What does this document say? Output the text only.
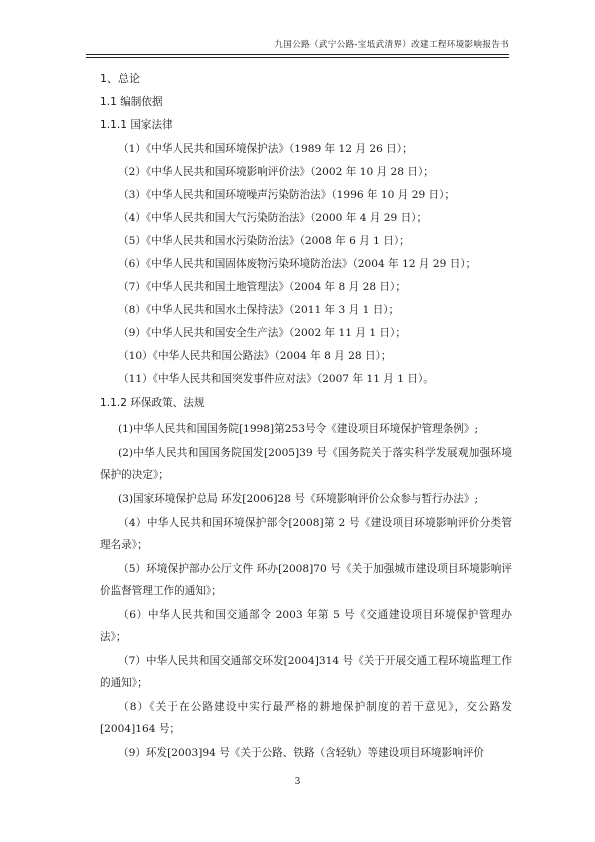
九国公路（武宁公路-宝坻武清界）改建工程环境影响报告书
1、总论
1.1 编制依据
1.1.1 国家法律
（1）《中华人民共和国环境保护法》（1989 年 12 月 26 日）；
（2）《中华人民共和国环境影响评价法》（2002 年 10 月 28 日）；
（3）《中华人民共和国环境噪声污染防治法》（1996 年 10 月 29 日）；
（4）《中华人民共和国大气污染防治法》（2000 年 4 月 29 日）；
（5）《中华人民共和国水污染防治法》（2008 年 6 月 1 日）；
（6）《中华人民共和国固体废物污染环境防治法》（2004 年 12 月 29 日）；
（7）《中华人民共和国土地管理法》（2004 年 8 月 28 日）；
（8）《中华人民共和国水土保持法》（2011 年 3 月 1 日）；
（9）《中华人民共和国安全生产法》（2002 年 11 月 1 日）；
（10）《中华人民共和国公路法》（2004 年 8 月 28 日）；
（11）《中华人民共和国突发事件应对法》（2007 年 11 月 1 日）。
1.1.2 环保政策、法规
(1)中华人民共和国国务院[1998]第253号令《建设项目环境保护管理条例》;
(2)中华人民共和国国务院国发[2005]39 号《国务院关于落实科学发展观加强环境保护的决定》；
(3)国家环境保护总局 环发[2006]28 号《环境影响评价公众参与暂行办法》;
（4）中华人民共和国环境保护部令[2008]第 2 号《建设项目环境影响评价分类管理名录》；
（5）环境保护部办公厅文件 环办[2008]70 号《关于加强城市建设项目环境影响评价监督管理工作的通知》；
（6）中华人民共和国交通部令 2003 年第 5 号《交通建设项目环境保护管理办法》；
（7）中华人民共和国交通部交环发[2004]314 号《关于开展交通工程环境监理工作的通知》；
（8）《关于在公路建设中实行最严格的耕地保护制度的若干意见》，交公路发[2004]164 号；
（9）环发[2003]94 号《关于公路、铁路（含轻轨）等建设项目环境影响评价
3
